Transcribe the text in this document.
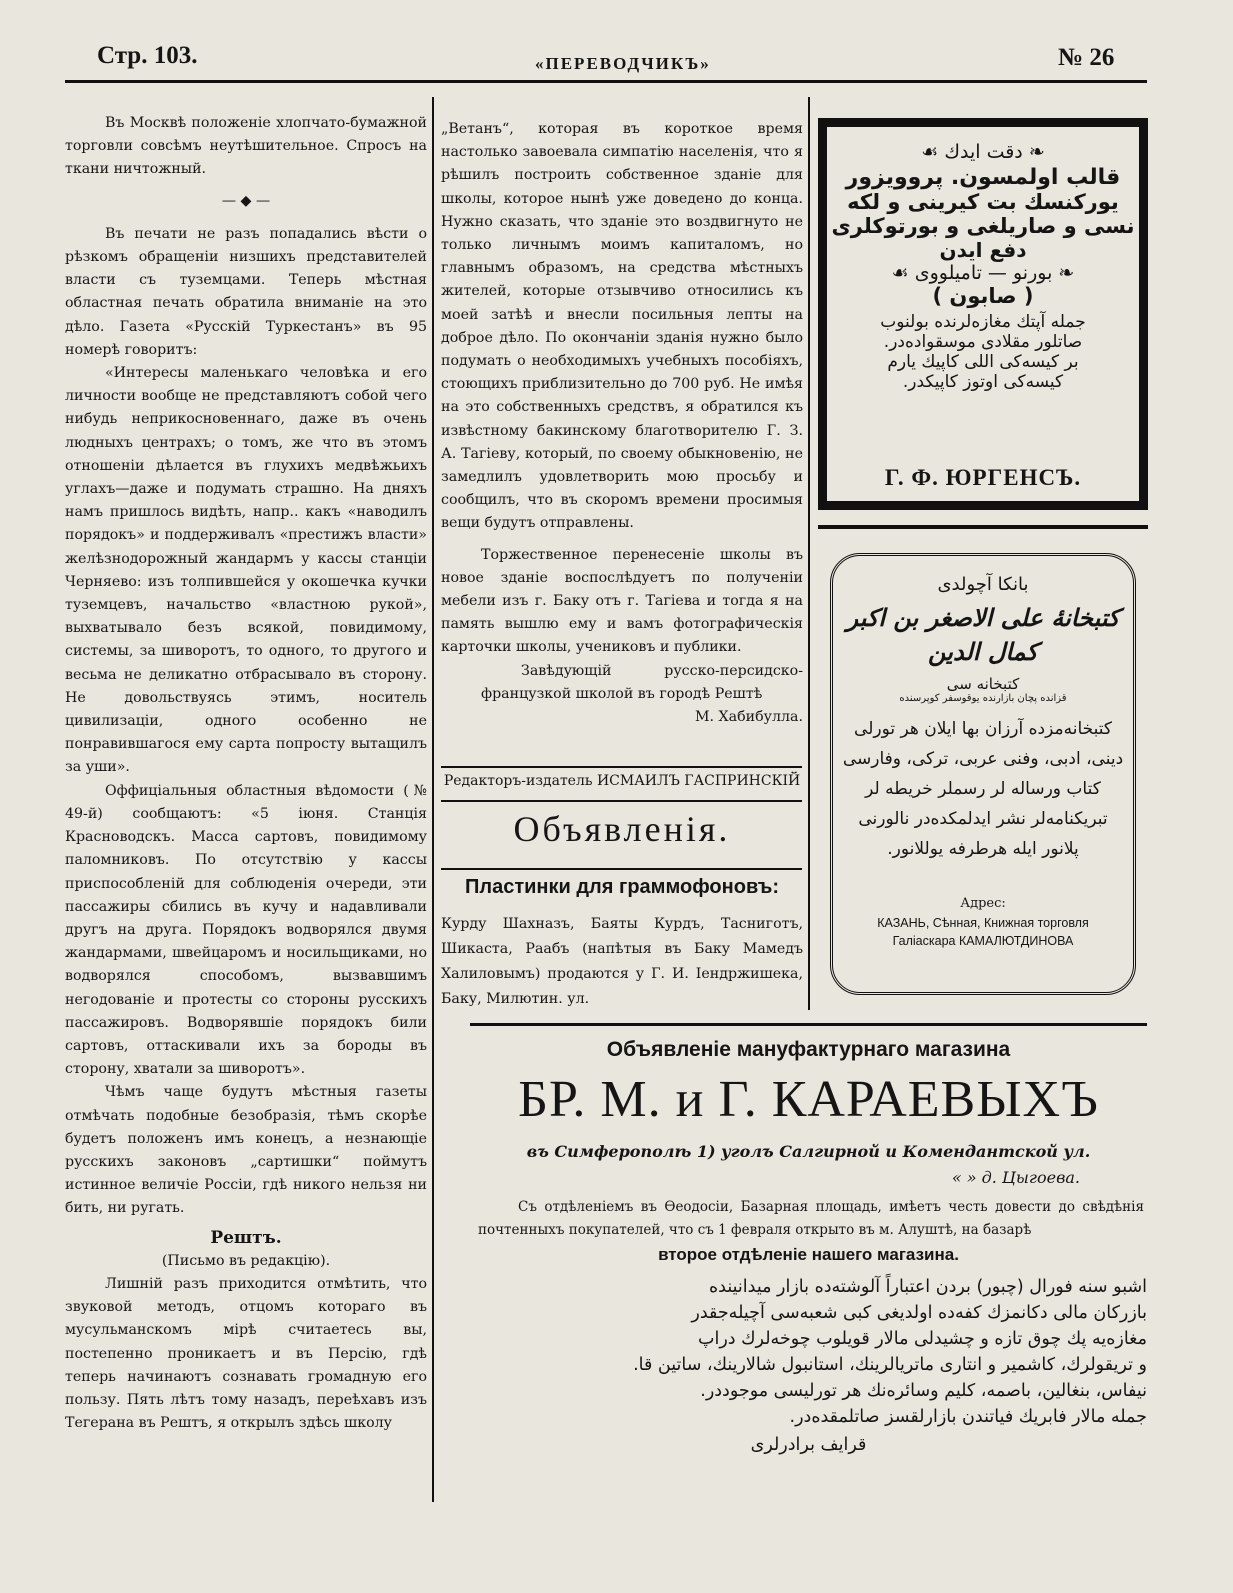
Стр. 103.	«ПЕРЕВОДЧИКЪ»	№ 26

Въ Москвѣ положеніе хлопчато-бумажной торговли совсѣмъ неутѣшительное. Спросъ на ткани ничтожный.

— ◆ —

Въ печати не разъ попадались вѣсти о рѣзкомъ обращеніи низшихъ представителей власти съ туземцами. Теперь мѣстная областная печать обратила вниманіе на это дѣло. Газета «Русскій Туркестанъ» въ 95 номерѣ говоритъ:

«Интересы маленькаго человѣка и его личности вообще не представляютъ собой чего нибудь неприкосновеннаго, даже въ очень людныхъ центрахъ; о томъ, же что въ этомъ отношеніи дѣлается въ глухихъ медвѣжьихъ углахъ—даже и подумать страшно. На дняхъ намъ пришлось видѣть, напр.. какъ «наводилъ порядокъ» и поддерживалъ «престижъ власти» желѣзнодорожный жандармъ у кассы станціи Черняево: изъ толпившейся у окошечка кучки туземцевъ, начальство «властною рукой», выхватывало безъ всякой, повидимому, системы, за шиворотъ, то одного, то другого и весьма не деликатно отбрасывало въ сторону. Не довольствуясь этимъ, носитель цивилизаціи, одного особенно не понравившагося ему сарта попросту вытащилъ за уши».

Оффиціальныя областныя вѣдомости (№ 49-й) сообщаютъ: «5 іюня. Станція Красноводскъ. Масса сартовъ, повидимому паломниковъ. По отсутствію у кассы приспособленій для соблюденія очереди, эти пассажиры сбились въ кучу и надавливали другъ на друга. Порядокъ водворялся двумя жандармами, швейцаромъ и носильщиками, но водворялся способомъ, вызвавшимъ негодованіе и протесты со стороны русскихъ пассажировъ. Водворявшіе порядокъ били сартовъ, оттаскивали ихъ за бороды въ сторону, хватали за шиворотъ».

Чѣмъ чаще будутъ мѣстныя газеты отмѣчать подобные безобразія, тѣмъ скорѣе будетъ положенъ имъ конецъ, а незнающіе русскихъ законовъ „сартишки“ поймутъ истинное величіе Россіи, гдѣ никого нельзя ни бить, ни ругать.

Рештъ.

(Письмо въ редакцію).

Лишній разъ приходится отмѣтить, что звуковой методъ, отцомъ котораго въ мусульманскомъ мірѣ считаетесь вы, постепенно проникаетъ и въ Персію, гдѣ теперь начинаютъ сознавать громадную его пользу. Пять лѣтъ тому назадъ, переѣхавъ изъ Тегерана въ Рештъ, я открылъ здѣсь школу

„Ветанъ“, которая въ короткое время настолько завоевала симпатію населенія, что я рѣшилъ построить собственное зданіе для школы, которое нынѣ уже доведено до конца. Нужно сказать, что зданіе это воздвигнуто не только личнымъ моимъ капиталомъ, но главнымъ образомъ, на средства мѣстныхъ жителей, которые отзывчиво относились къ моей затѣѣ и внесли посильныя лепты на доброе дѣло. По окончаніи зданія нужно было подумать о необходимыхъ учебныхъ пособіяхъ, стоющихъ приблизительно до 700 руб. Не имѣя на это собственныхъ средствъ, я обратился къ извѣстному бакинскому благотворителю Г. З. А. Тагіеву, который, по своему обыкновенію, не замедлилъ удовлетворить мою просьбу и сообщилъ, что въ скоромъ времени просимыя вещи будутъ отправлены.

Торжественное перенесеніе школы въ новое зданіе воспослѣдуетъ по полученіи мебели изъ г. Баку отъ г. Тагіева и тогда я на память вышлю ему и вамъ фотографическія карточки школы, учениковъ и публики.

Завѣдующій русско-персидско-французкой школой въ городѣ Рештѣ

М. Хабибулла.

Редакторъ-издатель ИСМАИЛЪ ГАСПРИНСКІЙ
Объявленія.
Пластинки для граммофоновъ:
Курду Шахназъ, Баяты Курдъ, Тасниготъ, Шикаста, Раабъ (напѣтыя въ Баку Мамедъ Халиловымъ) продаются у Г. И. Іендржишека, Баку, Милютин. ул.
❧ دقت ایدك ☙
قالب اولمسون. پروویزور
یورکنسك بت کیرینی و لکه
نسی و صاریلغی و بورتوکلری
دفع ایدن
❧ بورنو — تامیلووی ☙
( صابون )
جمله آپتك مغازه‌لرنده بولنوب
صاتلور مقلادی موسقوا‌ده‌در.
بر کیسه‌کی اللی کاپیك یارم
کیسه‌کی اوتوز کاپیکدر.
Г. Ф. ЮРГЕНСЪ.
بانکا آچولدی
کتبخانهٔ علی الاصغر بن اکبر کمال الدین
کتبخانه سی
قزانده پچان بازارنده یوقوسفر کوپرسنده
کتبخانه‌مزده آرزان بها ایلان هر تورلی
دینی، ادبی، وفنی عربی، ترکی، وفارسی
کتاب ورساله لر رسملر خریطه لر
تبریکنامه‌لر نشر ایدلمکده‌در نالورنی
پلانور ایله هرطرفه یوللانور.
Адрес:
КАЗАНЬ, Сѣнная, Книжная торговля
Галіаскара КАМАЛЮТДИНОВА
Объявленіе мануфактурнаго магазина
БР. М. и Г. КАРАЕВЫХЪ
въ Симферополѣ 1) уголъ Салгирной и Комендантской ул.
« » д. Цыгоева.
Съ отдѣленіемъ въ Ѳеодосіи, Базарная площадь, имѣетъ честь довести до свѣдѣнія почтенныхъ покупателей, что съ 1 февраля открыто въ м. Алуштѣ, на базарѣ
второе отдѣленіе нашего магазина.
اشبو سنه فورال (چبور) بردن اعتباراً آلوشته‌ده بازار میدانینده
بازرکان مالی دکانمزك کفه‌ده اولدیغی کبی شعبه‌سی آچیله‌جقدر
مغازه‌یه پك چوق تازه و چشیدلی مالار قویلوب چوخه‌لرك دراپ
و تریقولرك، کاشمیر و انتاری ماتریالرینك، استانبول شالارینك، ساتین قا.
نیفاس، بنغالین، باصمه، کلیم وسائره‌نك هر تورلیسی موجوددر.
جمله مالار فابریك فیاتندن بازارلقسز صاتلمقده‌در.
قرایف برادرلری
